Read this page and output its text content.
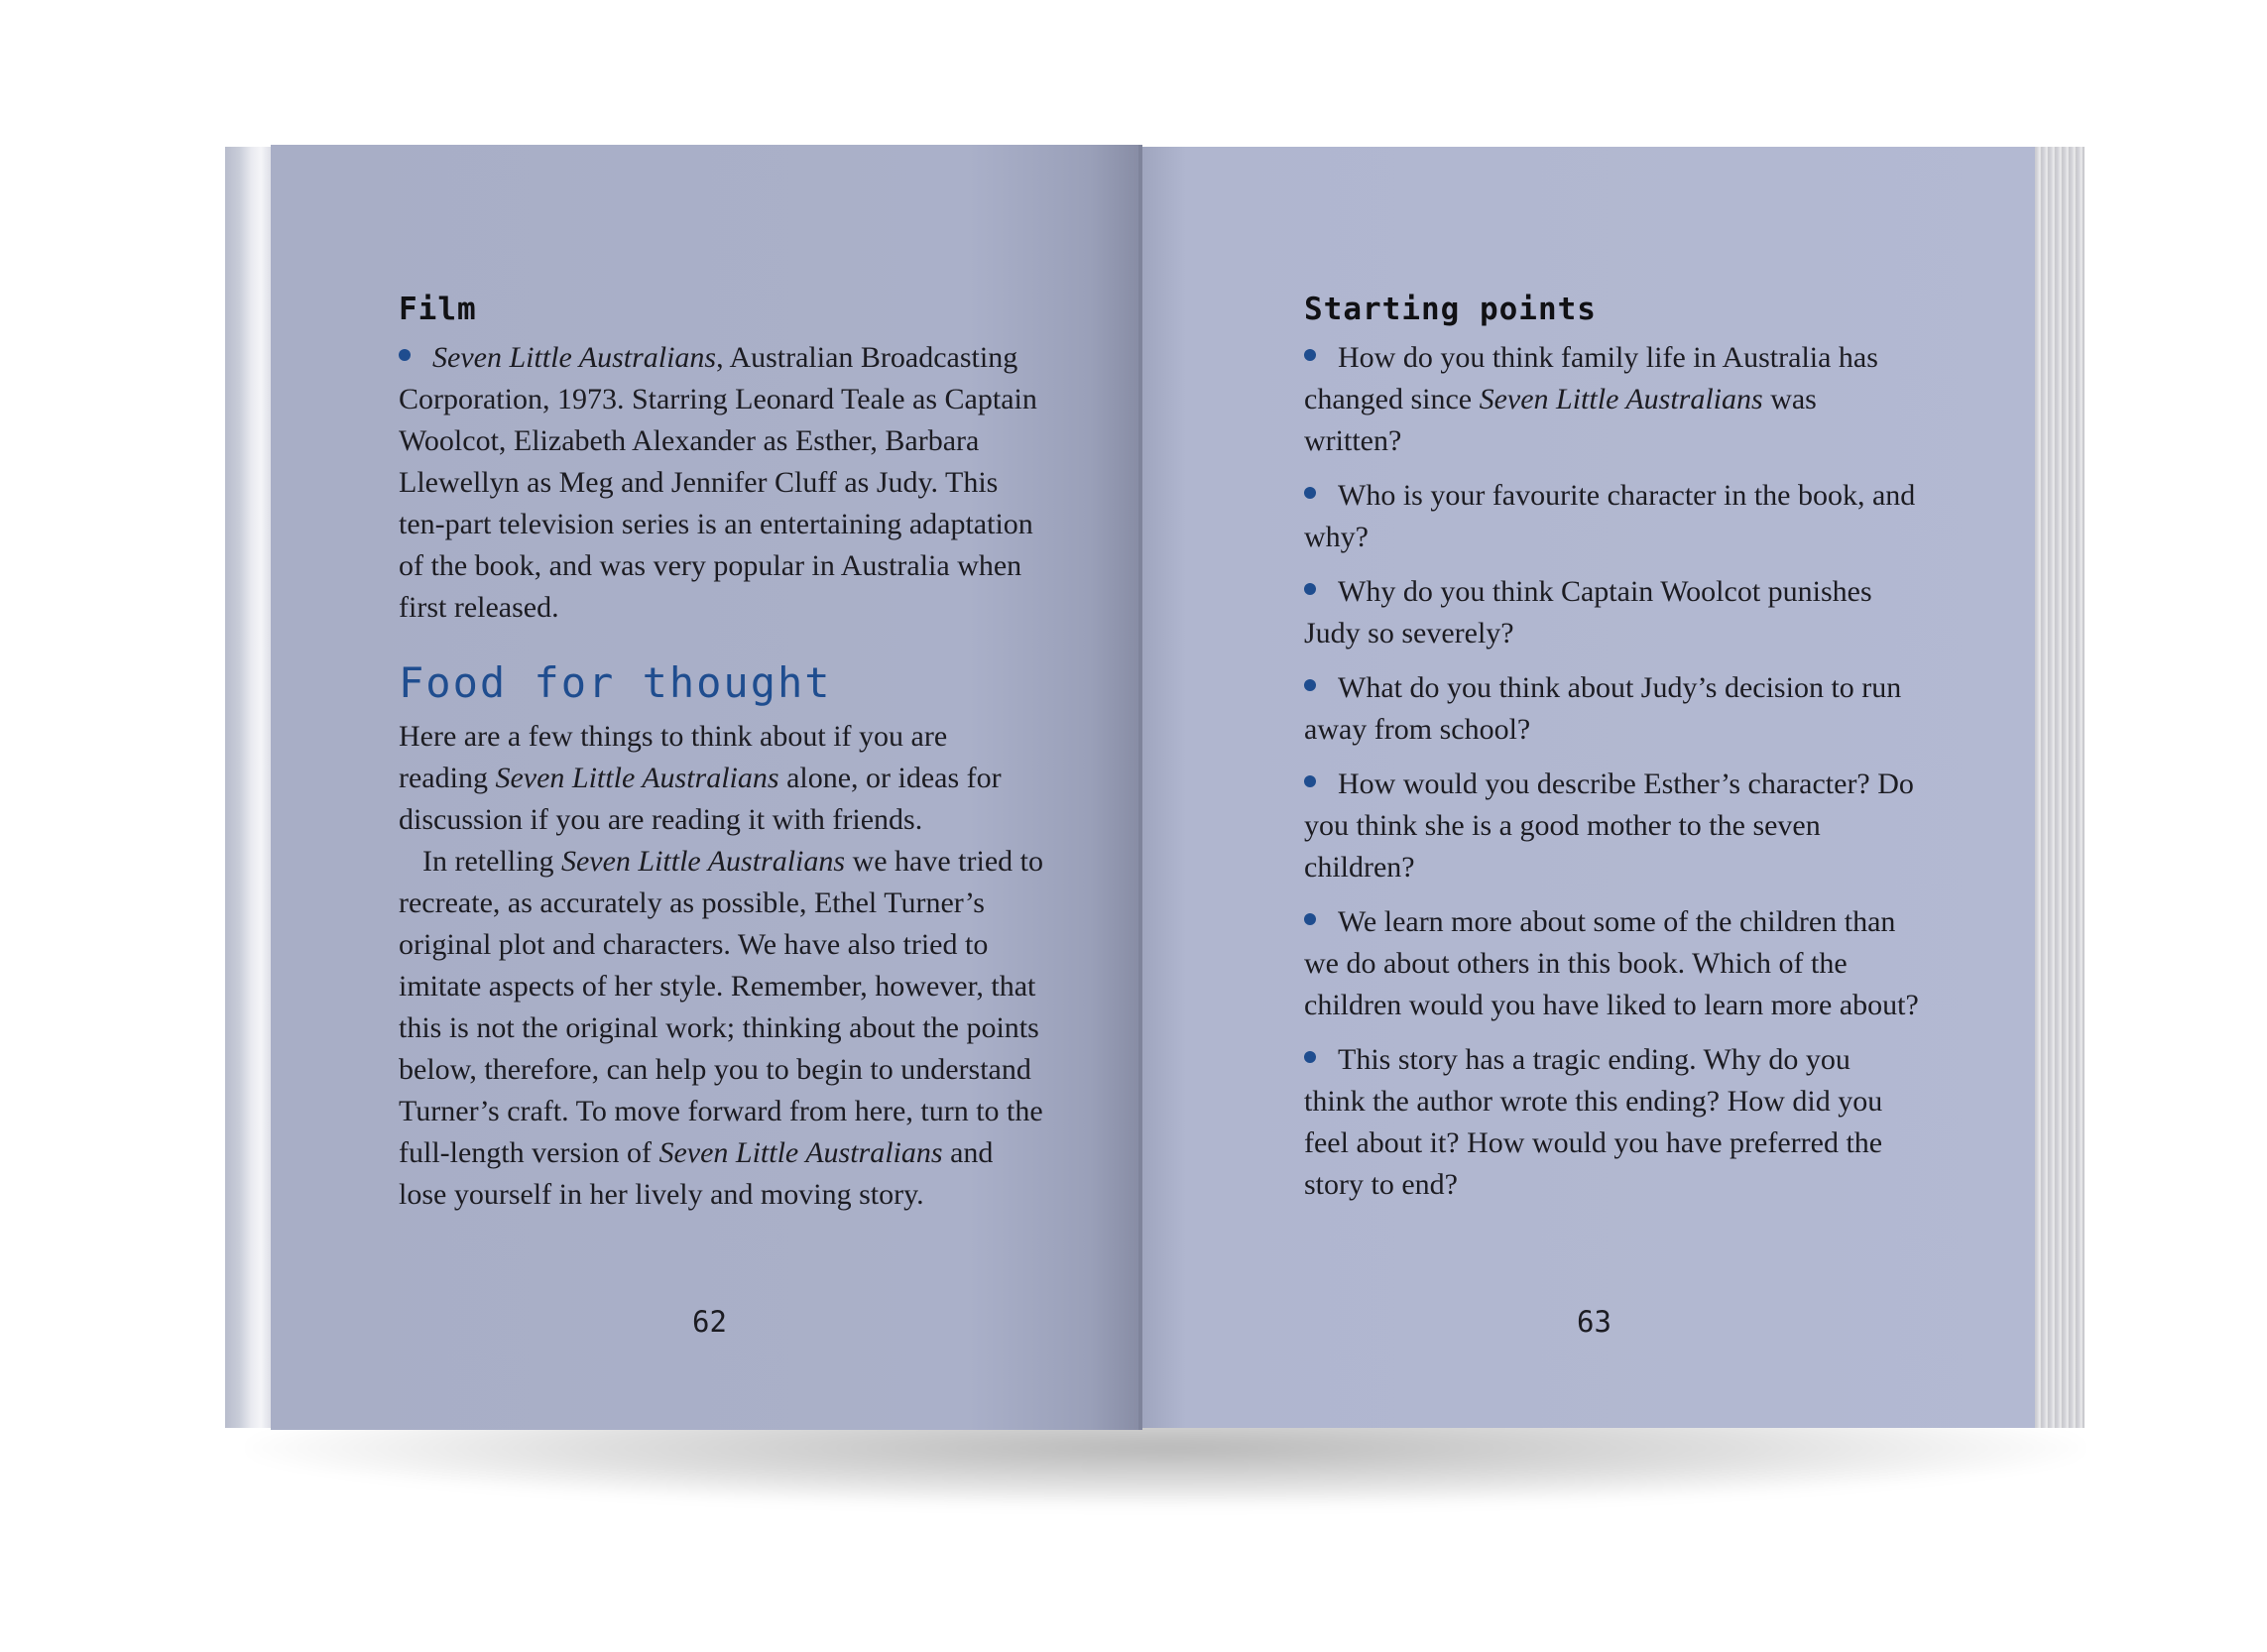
Film

Seven Little Australians, Australian Broadcasting Corporation, 1973. Starring Leonard Teale as Captain Woolcot, Elizabeth Alexander as Esther, Barbara Llewellyn as Meg and Jennifer Cluff as Judy. This ten-part television series is an entertaining adaptation of the book, and was very popular in Australia when first released.

Food for thought

Here are a few things to think about if you are reading Seven Little Australians alone, or ideas for discussion if you are reading it with friends.

In retelling Seven Little Australians we have tried to recreate, as accurately as possible, Ethel Turner’s original plot and characters. We have also tried to imitate aspects of her style. Remember, however, that this is not the original work; thinking about the points below, therefore, can help you to begin to understand Turner’s craft. To move forward from here, turn to the full-length version of Seven Little Australians and lose yourself in her lively and moving story.

62
Starting points

How do you think family life in Australia has changed since Seven Little Australians was written?

Who is your favourite character in the book, and why?

Why do you think Captain Woolcot punishes Judy so severely?

What do you think about Judy’s decision to run away from school?

How would you describe Esther’s character? Do you think she is a good mother to the seven children?

We learn more about some of the children than we do about others in this book. Which of the children would you have liked to learn more about?

This story has a tragic ending. Why do you think the author wrote this ending? How did you feel about it? How would you have preferred the story to end?

63
